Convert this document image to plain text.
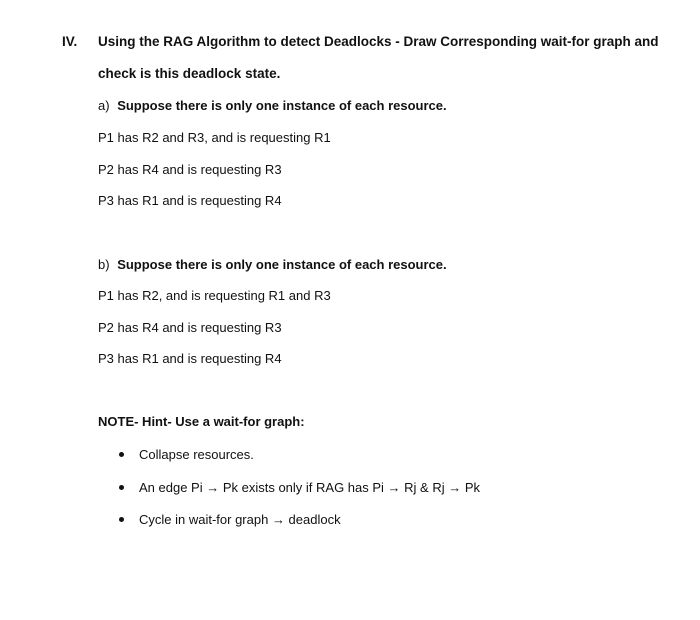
IV. Using the RAG Algorithm to detect Deadlocks - Draw Corresponding wait-for graph and
check is this deadlock state.
a) Suppose there is only one instance of each resource.
P1 has R2 and R3, and is requesting R1
P2 has R4 and is requesting R3
P3 has R1 and is requesting R4
b) Suppose there is only one instance of each resource.
P1 has R2, and is requesting R1 and R3
P2 has R4 and is requesting R3
P3 has R1 and is requesting R4
NOTE- Hint- Use a wait-for graph:
Collapse resources.
An edge Pi → Pk exists only if RAG has Pi → Rj & Rj → Pk
Cycle in wait-for graph → deadlock
